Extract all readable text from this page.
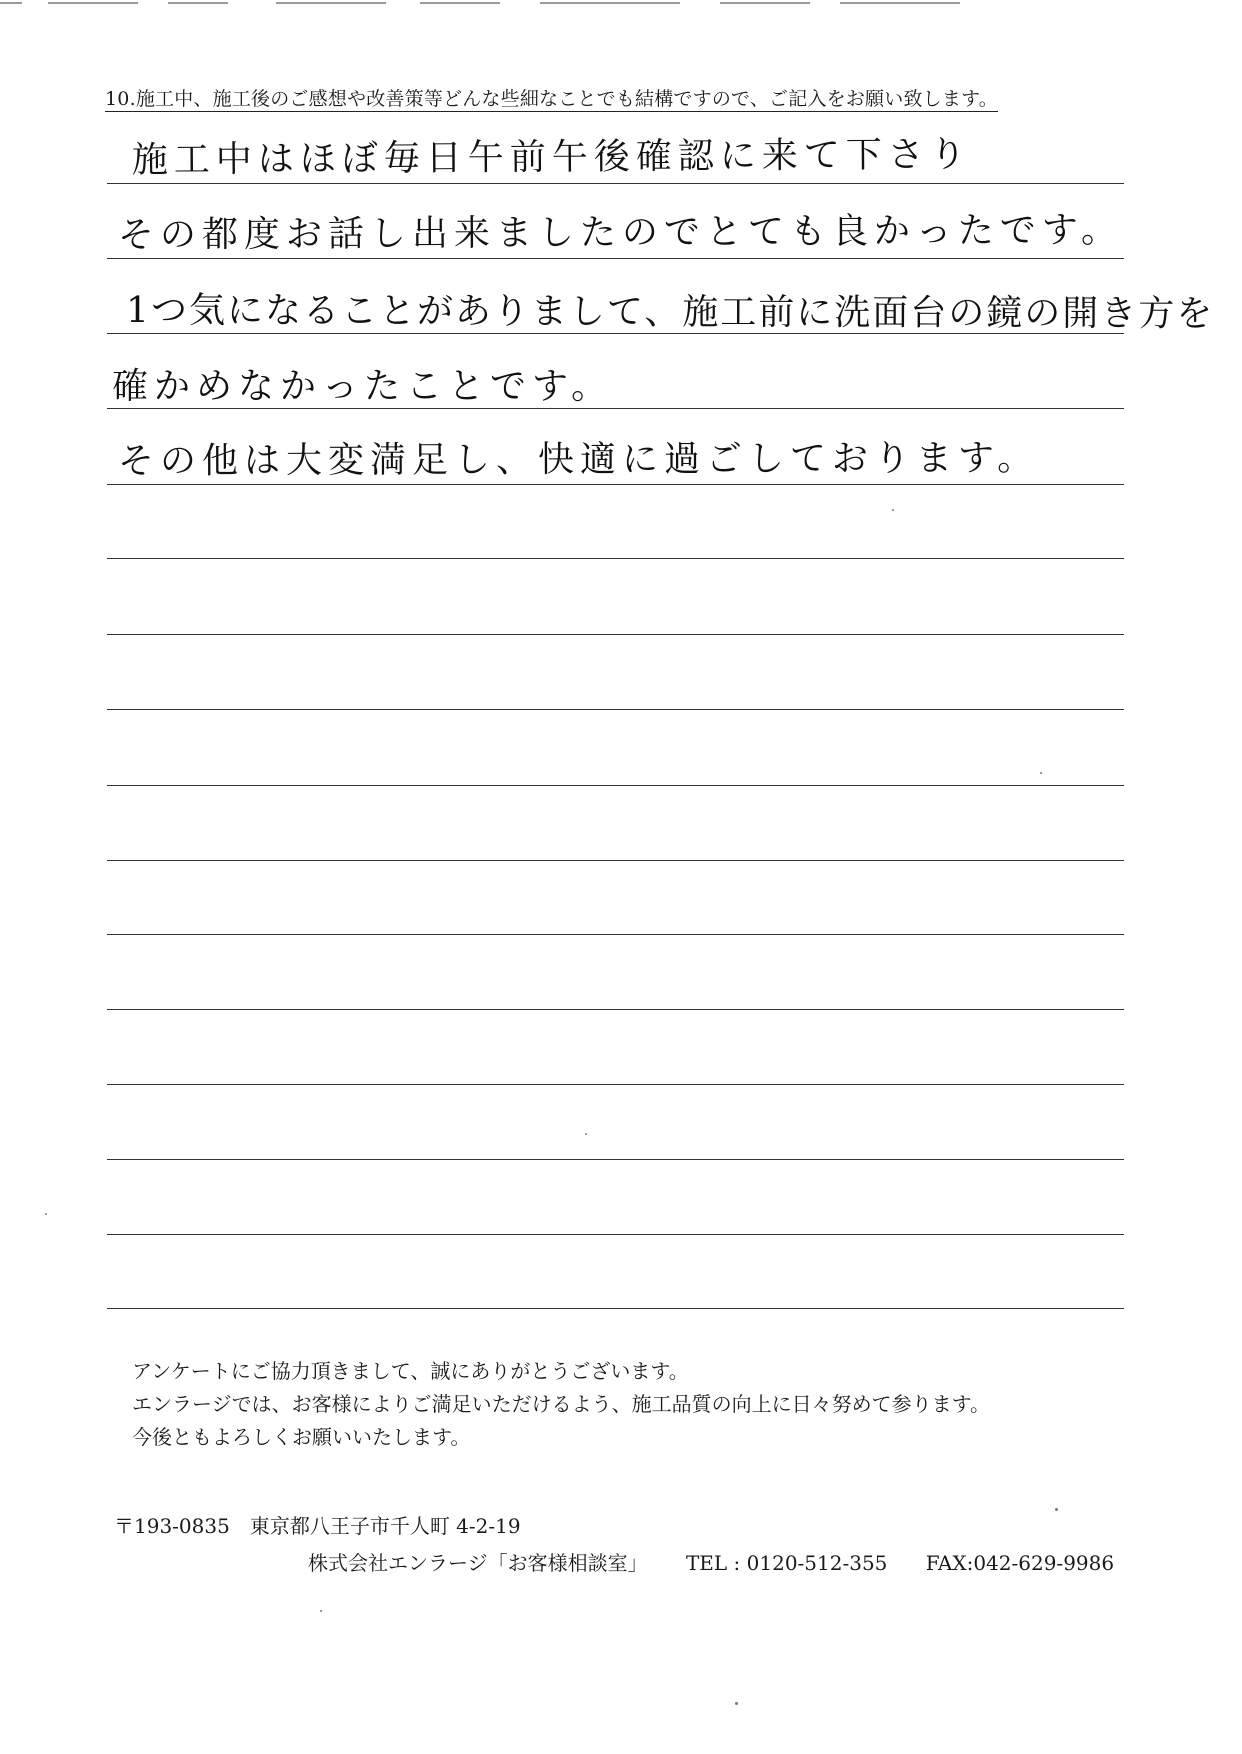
10.施工中、施工後のご感想や改善策等どんな些細なことでも結構ですので、ご記入をお願い致します。
施工中はほぼ毎日午前午後確認に来て下さり
その都度お話し出来ましたのでとても良かったです。
1つ気になることがありまして、施工前に洗面台の鏡の開き方を
確かめなかったことです。
その他は大変満足し、快適に過ごしております。
アンケートにご協力頂きまして、誠にありがとうございます。
エンラージでは、お客様によりご満足いただけるよう、施工品質の向上に日々努めて参ります。
今後ともよろしくお願いいたします。
〒193-0835　東京都八王子市千人町 4-2-19
株式会社エンラージ「お客様相談室」 TEL : 0120-512-355 FAX:042-629-9986
